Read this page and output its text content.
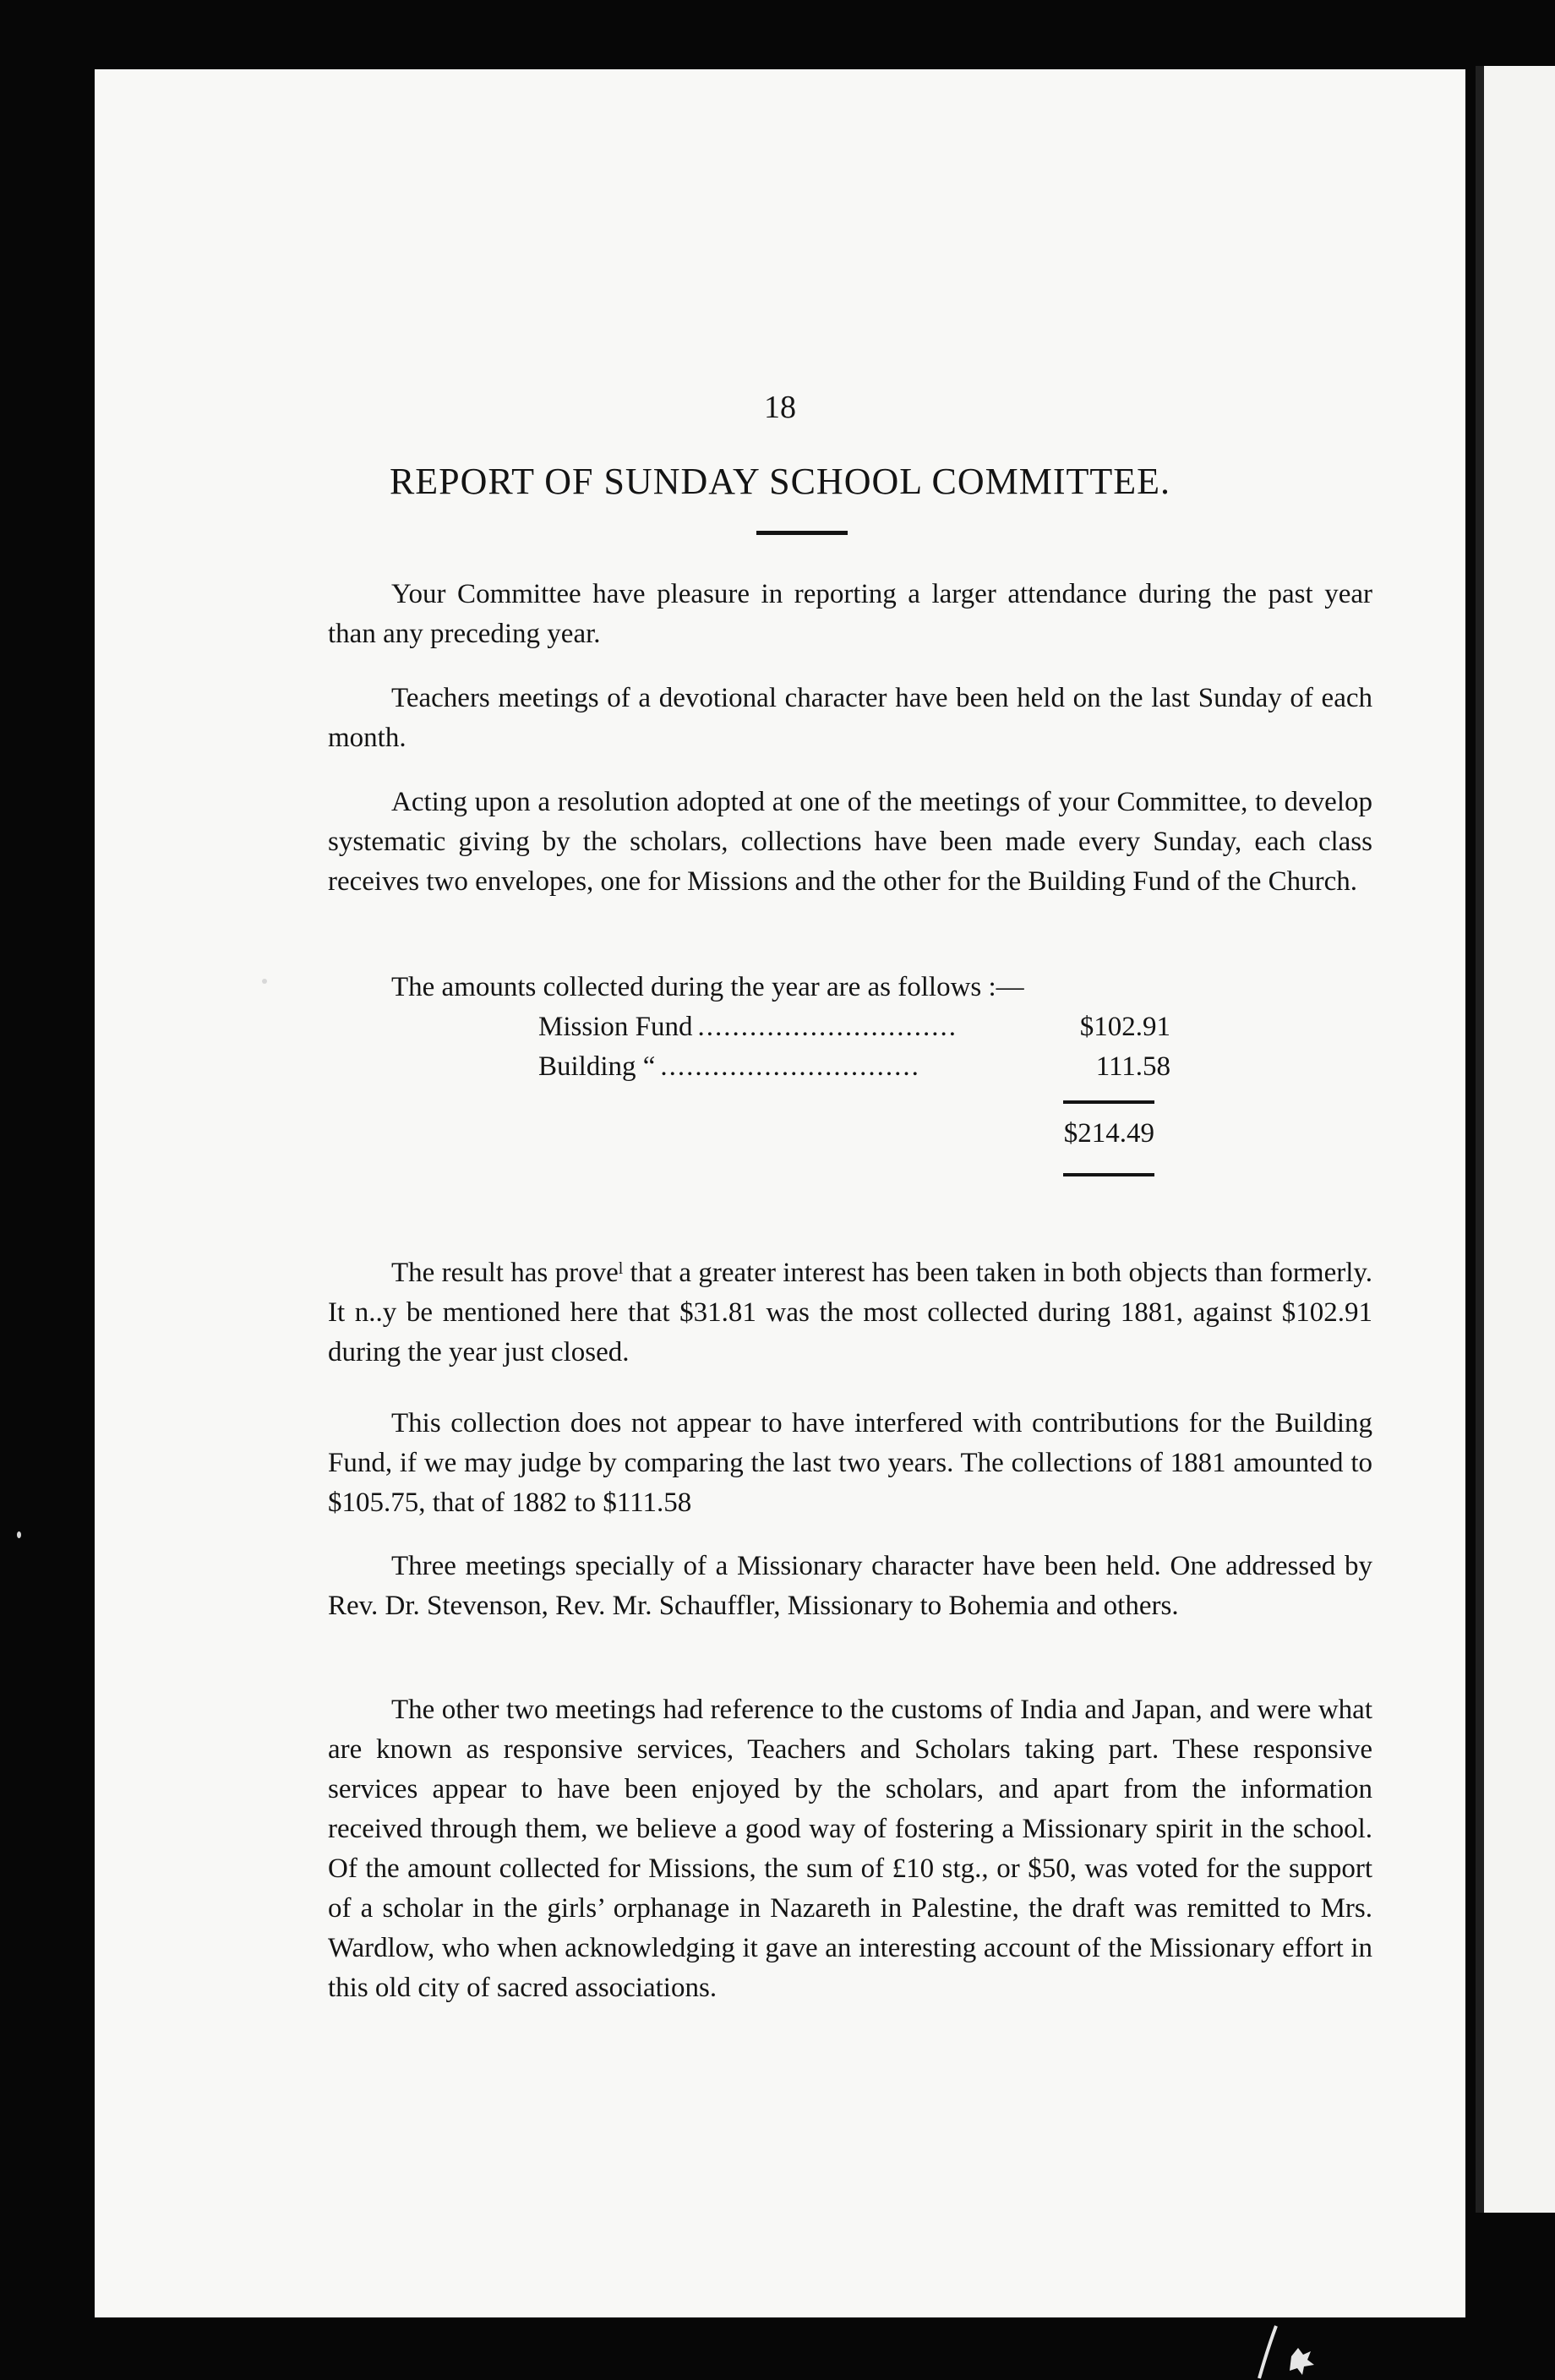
18
REPORT OF SUNDAY SCHOOL COMMITTEE.

Your Committee have pleasure in reporting a larger attendance during the past year than any preceding year.

Teachers meetings of a devotional character have been held on the last Sunday of each month.

Acting upon a resolution adopted at one of the meetings of your Committee, to develop systematic giving by the scholars, collections have been made every Sunday, each class receives two envelopes, one for Missions and the other for the Building Fund of the Church.

The amounts collected during the year are as follows :—

Mission Fund ..............................	$102.91
Building “ ..............................	111.58
$214.49

The result has prove⁠ˡ that a greater interest has been taken in both objects than fo⁠rmerly. It n..⁠y be mentioned here that $31.81 was the most collected during 1881, against $102.91 during the year just closed.

This collection does not appear to have interfered with contributions for the Building Fund, if we may judge by comparing the last two years. The collections of 1881 amounted to $105.75, that of 1882 to $111.58

Three meetings specially of a Missionary character have been held. One addressed by Rev. Dr. Stevenson, Rev. Mr. Schauffler, Missionary to Bohemia and others.

The other two meetings had reference to the customs of India and Japan, and were what are known as responsive services, Teachers and Scholars taking part. These responsive services appear to have been enjoyed by the scholars, and apart from the information received through them, we believe a good way of fostering a Missionary spirit in the school. Of the amount collected for Missions, the sum of £10 stg., or $50, was voted for the support of a scholar in the girls’ orphanage in Nazareth in Palestine, the draft was remitted to Mrs. Wardlow, who when acknowledging it gave an interesting account of the Missionary effort in this old city of sacred associations.
